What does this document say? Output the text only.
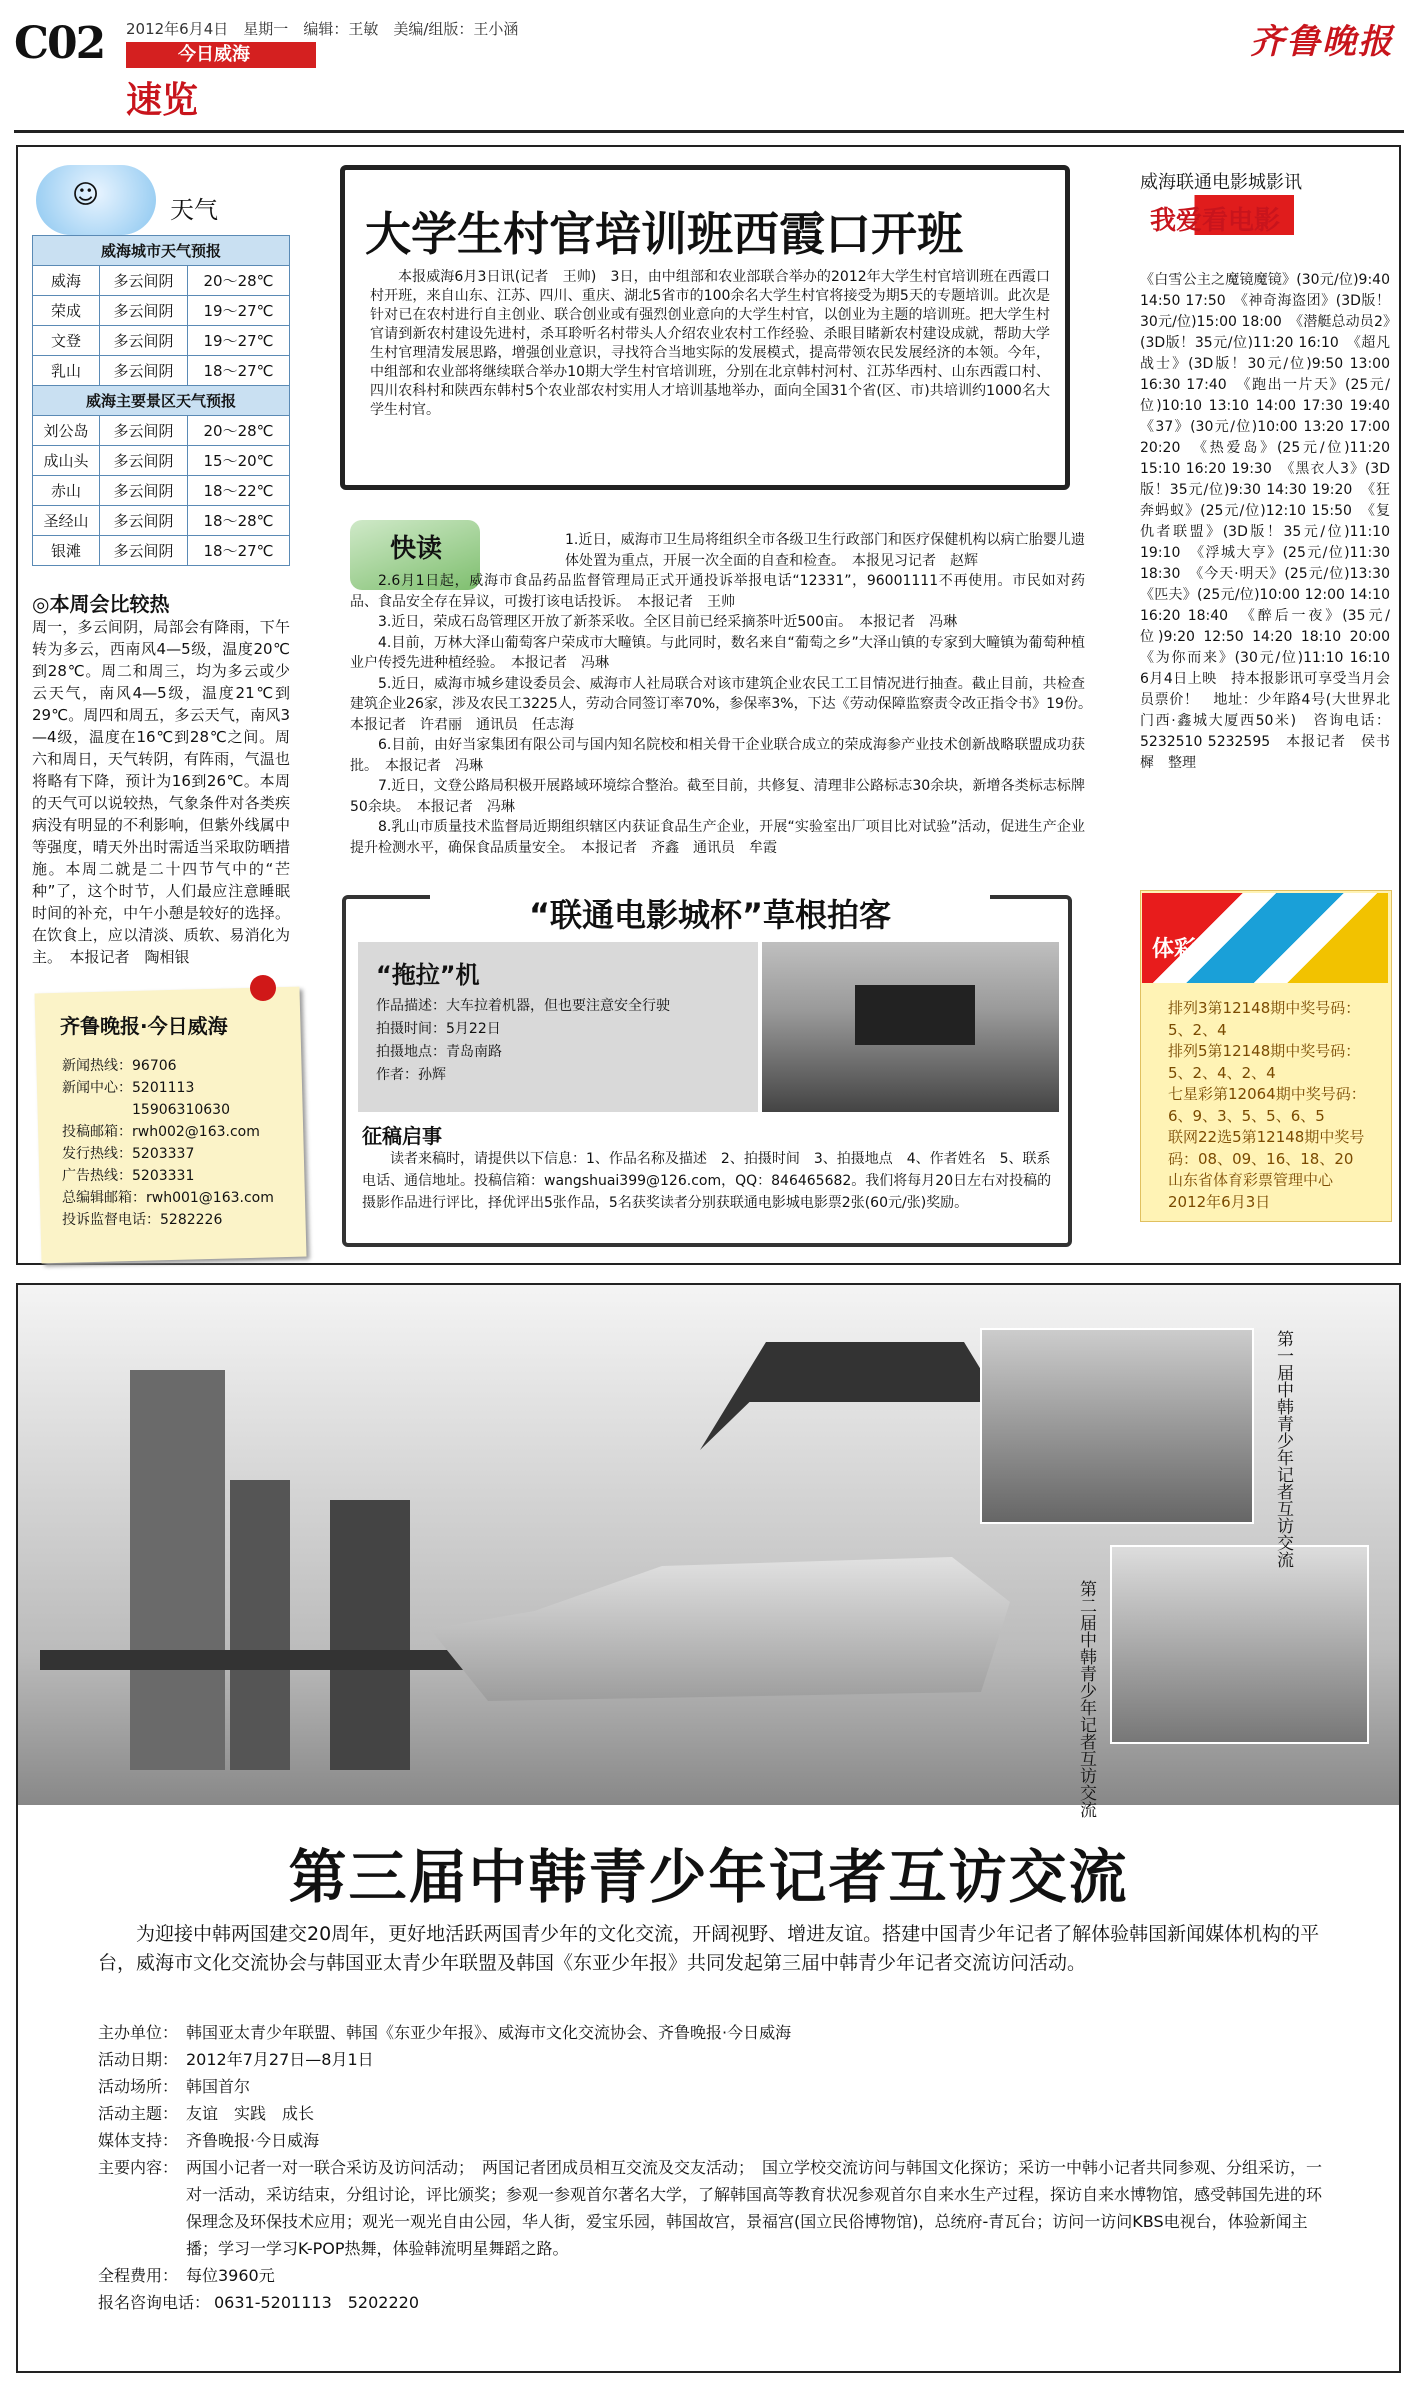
C02 2012年6月4日　 星期一　 编辑：王敏　 美编/组版：王小涵
今日威海
速览
齐鲁晚报
☺	天气
威海城市天气预报		
威海	多云间阴	20～28℃
荣成	多云间阴	19～27℃
文登	多云间阴	19～27℃
乳山	多云间阴	18～27℃
威海主要景区天气预报		
刘公岛	多云间阴	20～28℃
成山头	多云间阴	15～20℃
赤山	多云间阴	18～22℃
圣经山	多云间阴	18～28℃
银滩	多云间阴	18～27℃
◎本周会比较热
周一，多云间阴，局部会有降雨，下午转为多云，西南风4—5级，温度20℃到28℃。周二和周三，均为多云或少云天气，南风4—5级，温度21℃到29℃。周四和周五，多云天气，南风3—4级，温度在16℃到28℃之间。周六和周日，天气转阴，有阵雨，气温也将略有下降，预计为16到26℃。本周的天气可以说较热，气象条件对各类疾病没有明显的不利影响，但紫外线属中等强度，晴天外出时需适当采取防晒措施。本周二就是二十四节气中的“芒种”了，这个时节，人们最应注意睡眠时间的补充，中午小憩是较好的选择。在饮食上，应以清淡、质软、易消化为主。　本报记者　陶相银
齐鲁晚报·今日威海
新闻热线：96706
新闻中心：5201113
　　　　　15906310630
投稿邮箱：rwh002@163.com
发行热线：5203337
广告热线：5203331
总编辑邮箱：rwh001@163.com
投诉监督电话：5282226
大学生村官培训班西霞口开班
本报威海6月3日讯(记者　王帅)　3日，由中组部和农业部联合举办的2012年大学生村官培训班在西霞口村开班，来自山东、江苏、四川、重庆、湖北5省市的100余名大学生村官将接受为期5天的专题培训。此次是针对已在农村进行自主创业、联合创业或有强烈创业意向的大学生村官，以创业为主题的培训班。把大学生村官请到新农村建设先进村，杀耳聆听名村带头人介绍农业农村工作经验、杀眼目睹新农村建设成就，帮助大学生村官理清发展思路，增强创业意识，寻找符合当地实际的发展模式，提高带领农民发展经济的本领。今年，中组部和农业部将继续联合举办10期大学生村官培训班，分别在北京韩村河村、江苏华西村、山东西霞口村、四川农科村和陕西东韩村5个农业部农村实用人才培训基地举办，面向全国31个省(区、市)共培训约1000名大学生村官。
快读	1.近日，威海市卫生局将组织全市各级卫生行政部门和医疗保健机构以病亡胎婴儿遗体处置为重点，开展一次全面的自查和检查。　本报见习记者　赵辉

2.6月1日起，威海市食品药品监督管理局正式开通投诉举报电话“12331”，96001111不再使用。市民如对药品、食品安全存在异议，可拨打该电话投诉。　本报记者　王帅

3.近日，荣成石岛管理区开放了新茶采收。全区目前已经采摘茶叶近500亩。　本报记者　冯琳

4.目前，万林大泽山葡萄客户荣成市大疃镇。与此同时，数名来自“葡萄之乡”大泽山镇的专家到大疃镇为葡萄种植业户传授先进种植经验。　本报记者　冯琳

5.近日，威海市城乡建设委员会、威海市人社局联合对该市建筑企业农民工工目情况进行抽查。截止目前，共检查建筑企业26家，涉及农民工3225人，劳动合同签订率70%，参保率3%，下达《劳动保障监察责令改正指令书》19份。　本报记者　许君丽　通讯员　任志海

6.目前，由好当家集团有限公司与国内知名院校和相关骨干企业联合成立的荣成海参产业技术创新战略联盟成功获批。　本报记者　冯琳

7.近日，文登公路局积极开展路域环境综合整治。截至目前，共修复、清理非公路标志30余块，新增各类标志标牌50余块。　本报记者　冯琳

8.乳山市质量技术监督局近期组织辖区内获证食品生产企业，开展“实验室出厂项目比对试验”活动，促进生产企业提升检测水平，确保食品质量安全。　本报记者　齐鑫　通讯员　牟霞

“联通电影城杯”草根拍客
“拖拉”机
作品描述：大车拉着机器，但也要注意安全行驶
拍摄时间：5月22日
拍摄地点：青岛南路
作者：孙辉
征稿启事
读者来稿时，请提供以下信息：1、作品名称及描述　2、拍摄时间　3、拍摄地点　4、作者姓名　5、联系电话、通信地址。投稿信箱：wangshuai399@126.com，QQ：846465682。我们将每月20日左右对投稿的摄影作品进行评比，择优评出5张作品，5名获奖读者分别获联通电影城电影票2张(60元/张)奖励。
威海联通电影城影讯
我爱看电影
《白雪公主之魔镜魔镜》(30元/位)9:40 14:50 17:50　《神奇海盗团》(3D版！30元/位)15:00 18:00　《潜艇总动员2》(3D版！35元/位)11:20 16:10　《超凡战士》(3D版！30元/位)9:50 13:00 16:30 17:40　《跑出一片天》(25元/位)10:10 13:10 14:00 17:30 19:40　《37》(30元/位)10:00 13:20 17:00 20:20　《热爱岛》(25元/位)11:20 15:10 16:20 19:30　《黑衣人3》(3D版！35元/位)9:30 14:30 19:20　《狂奔蚂蚁》(25元/位)12:10 15:50　《复仇者联盟》(3D版！35元/位)11:10 19:10　《浮城大亨》(25元/位)11:30 18:30　《今天·明天》(25元/位)13:30　《匹夫》(25元/位)10:00 12:00 14:10 16:20 18:40　《醉后一夜》(35元/位)9:20 12:50 14:20 18:10 20:00　《为你而来》(30元/位)11:10 16:10　6月4日上映　持本报影讯可享受当月会员票价！　地址：少年路4号(大世界北门西·鑫城大厦西50米)　咨询电话：5232510 5232595　本报记者　侯书樨　整理
体彩
排列3第12148期中奖号码：5、2、4
排列5第12148期中奖号码：5、2、4、2、4
七星彩第12064期中奖号码：6、9、3、5、5、6、5
联网22选5第12148期中奖号码：08、09、16、18、20
山东省体育彩票管理中心
2012年6月3日
第一届中韩青少年记者互访交流
第二届中韩青少年记者互访交流
第三届中韩青少年记者互访交流
为迎接中韩两国建交20周年，更好地活跃两国青少年的文化交流，开阔视野、增进友谊。搭建中国青少年记者了解体验韩国新闻媒体机构的平台，威海市文化交流协会与韩国亚太青少年联盟及韩国《东亚少年报》共同发起第三届中韩青少年记者交流访问活动。
主办单位： 韩国亚太青少年联盟、韩国《东亚少年报》、威海市文化交流协会、齐鲁晚报·今日威海
活动日期： 2012年7月27日—8月1日
活动场所： 韩国首尔
活动主题： 友谊　实践　成长
媒体支持： 齐鲁晚报·今日威海
主要内容： 两国小记者一对一联合采访及访问活动；　两国记者团成员相互交流及交友活动；　国立学校交流访问与韩国文化探访；采访一中韩小记者共同参观、分组采访，一对一活动，采访结束，分组讨论，评比颁奖；参观一参观首尔著名大学，了解韩国高等教育状况参观首尔自来水生产过程，探访自来水博物馆，感受韩国先进的环保理念及环保技术应用；观光一观光自由公园，华人街，爱宝乐园，韩国故宫，景福宫(国立民俗博物馆)，总统府-青瓦台；访问一访问KBS电视台，体验新闻主播；学习一学习K-POP热舞，体验韩流明星舞蹈之路。
全程费用： 每位3960元
报名咨询电话： 0631-5201113　5202220
